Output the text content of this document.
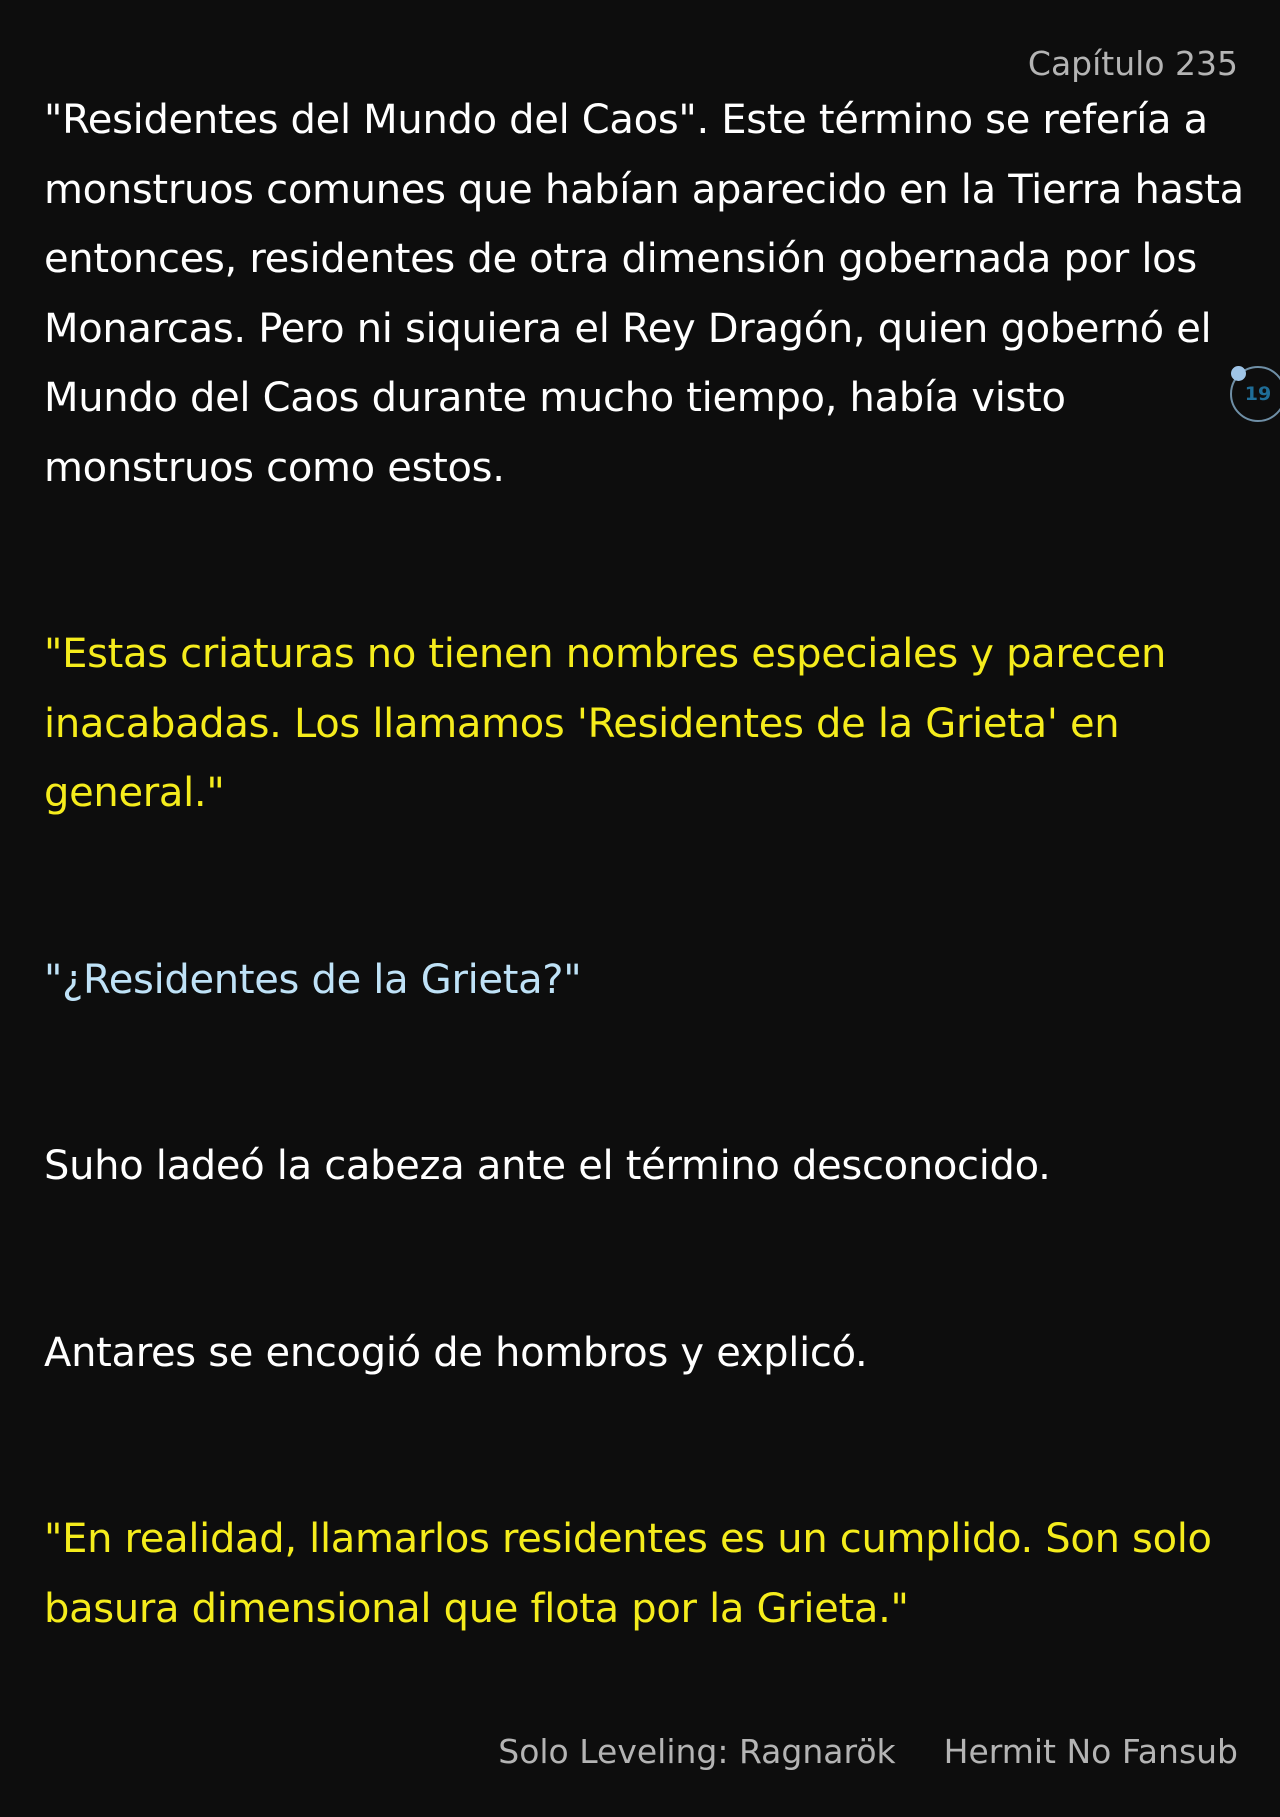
Capítulo 235

"Residentes del Mundo del Caos". Este término se refería a monstruos comunes que habían aparecido en la Tierra hasta entonces, residentes de otra dimensión gobernada por los Monarcas. Pero ni siquiera el Rey Dragón, quien gobernó el Mundo del Caos durante mucho tiempo, había visto monstruos como estos.

"Estas criaturas no tienen nombres especiales y parecen inacabadas. Los llamamos 'Residentes de la Grieta' en general."

"¿Residentes de la Grieta?"

Suho ladeó la cabeza ante el término desconocido.

Antares se encogió de hombros y explicó.

"En realidad, llamarlos residentes es un cumplido. Son solo basura dimensional que flota por la Grieta."

19
Solo Leveling: Ragnarök Hermit No Fansub
